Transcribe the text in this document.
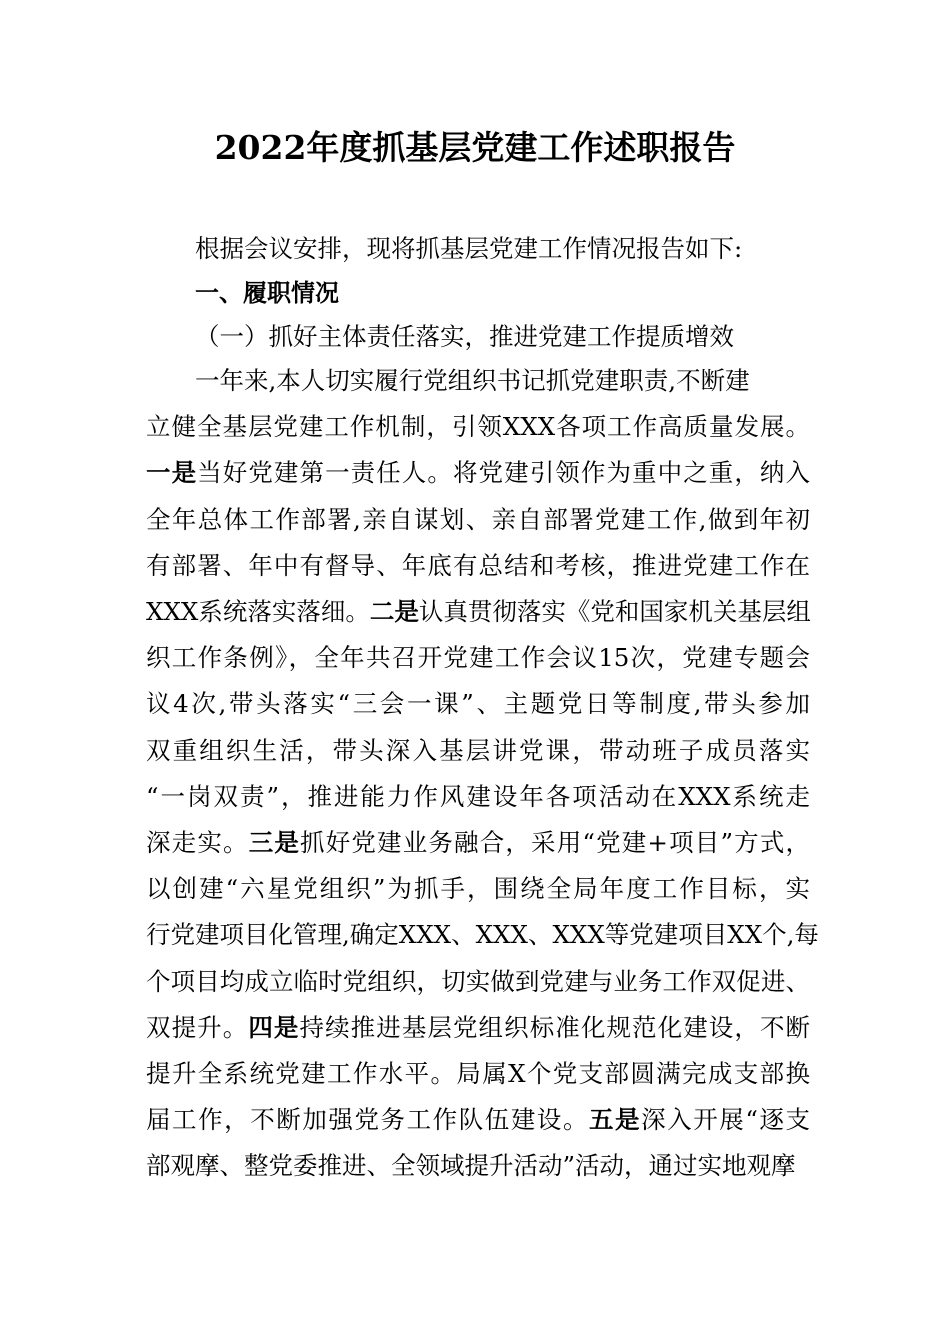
2022年度抓基层党建工作述职报告
根据会议安排，现将抓基层党建工作情况报告如下:
一、履职情况
（一）抓好主体责任落实，推进党建工作提质增效
一年来,本人切实履行党组织书记抓党建职责,不断建
立健全基层党建工作机制，引领XXX各项工作高质量发展。
一是当好党建第一责任人。将党建引领作为重中之重，纳入
全年总体工作部署,亲自谋划、亲自部署党建工作,做到年初
有部署、年中有督导、年底有总结和考核，推进党建工作在
XXX系统落实落细。二是认真贯彻落实《党和国家机关基层组
织工作条例》，全年共召开党建工作会议15次，党建专题会
议4次,带头落实“三会一课”、主题党日等制度,带头参加
双重组织生活，带头深入基层讲党课，带动班子成员落实
“一岗双责”，推进能力作风建设年各项活动在XXX系统走
深走实。三是抓好党建业务融合，采用“党建+项目”方式，
以创建“六星党组织”为抓手，围绕全局年度工作目标，实
行党建项目化管理,确定XXX、XXX、XXX等党建项目XX个,每
个项目均成立临时党组织，切实做到党建与业务工作双促进、
双提升。四是持续推进基层党组织标准化规范化建设，不断
提升全系统党建工作水平。局属X个党支部圆满完成支部换
届工作，不断加强党务工作队伍建设。五是深入开展“逐支
部观摩、整党委推进、全领域提升活动”活动，通过实地观摩
